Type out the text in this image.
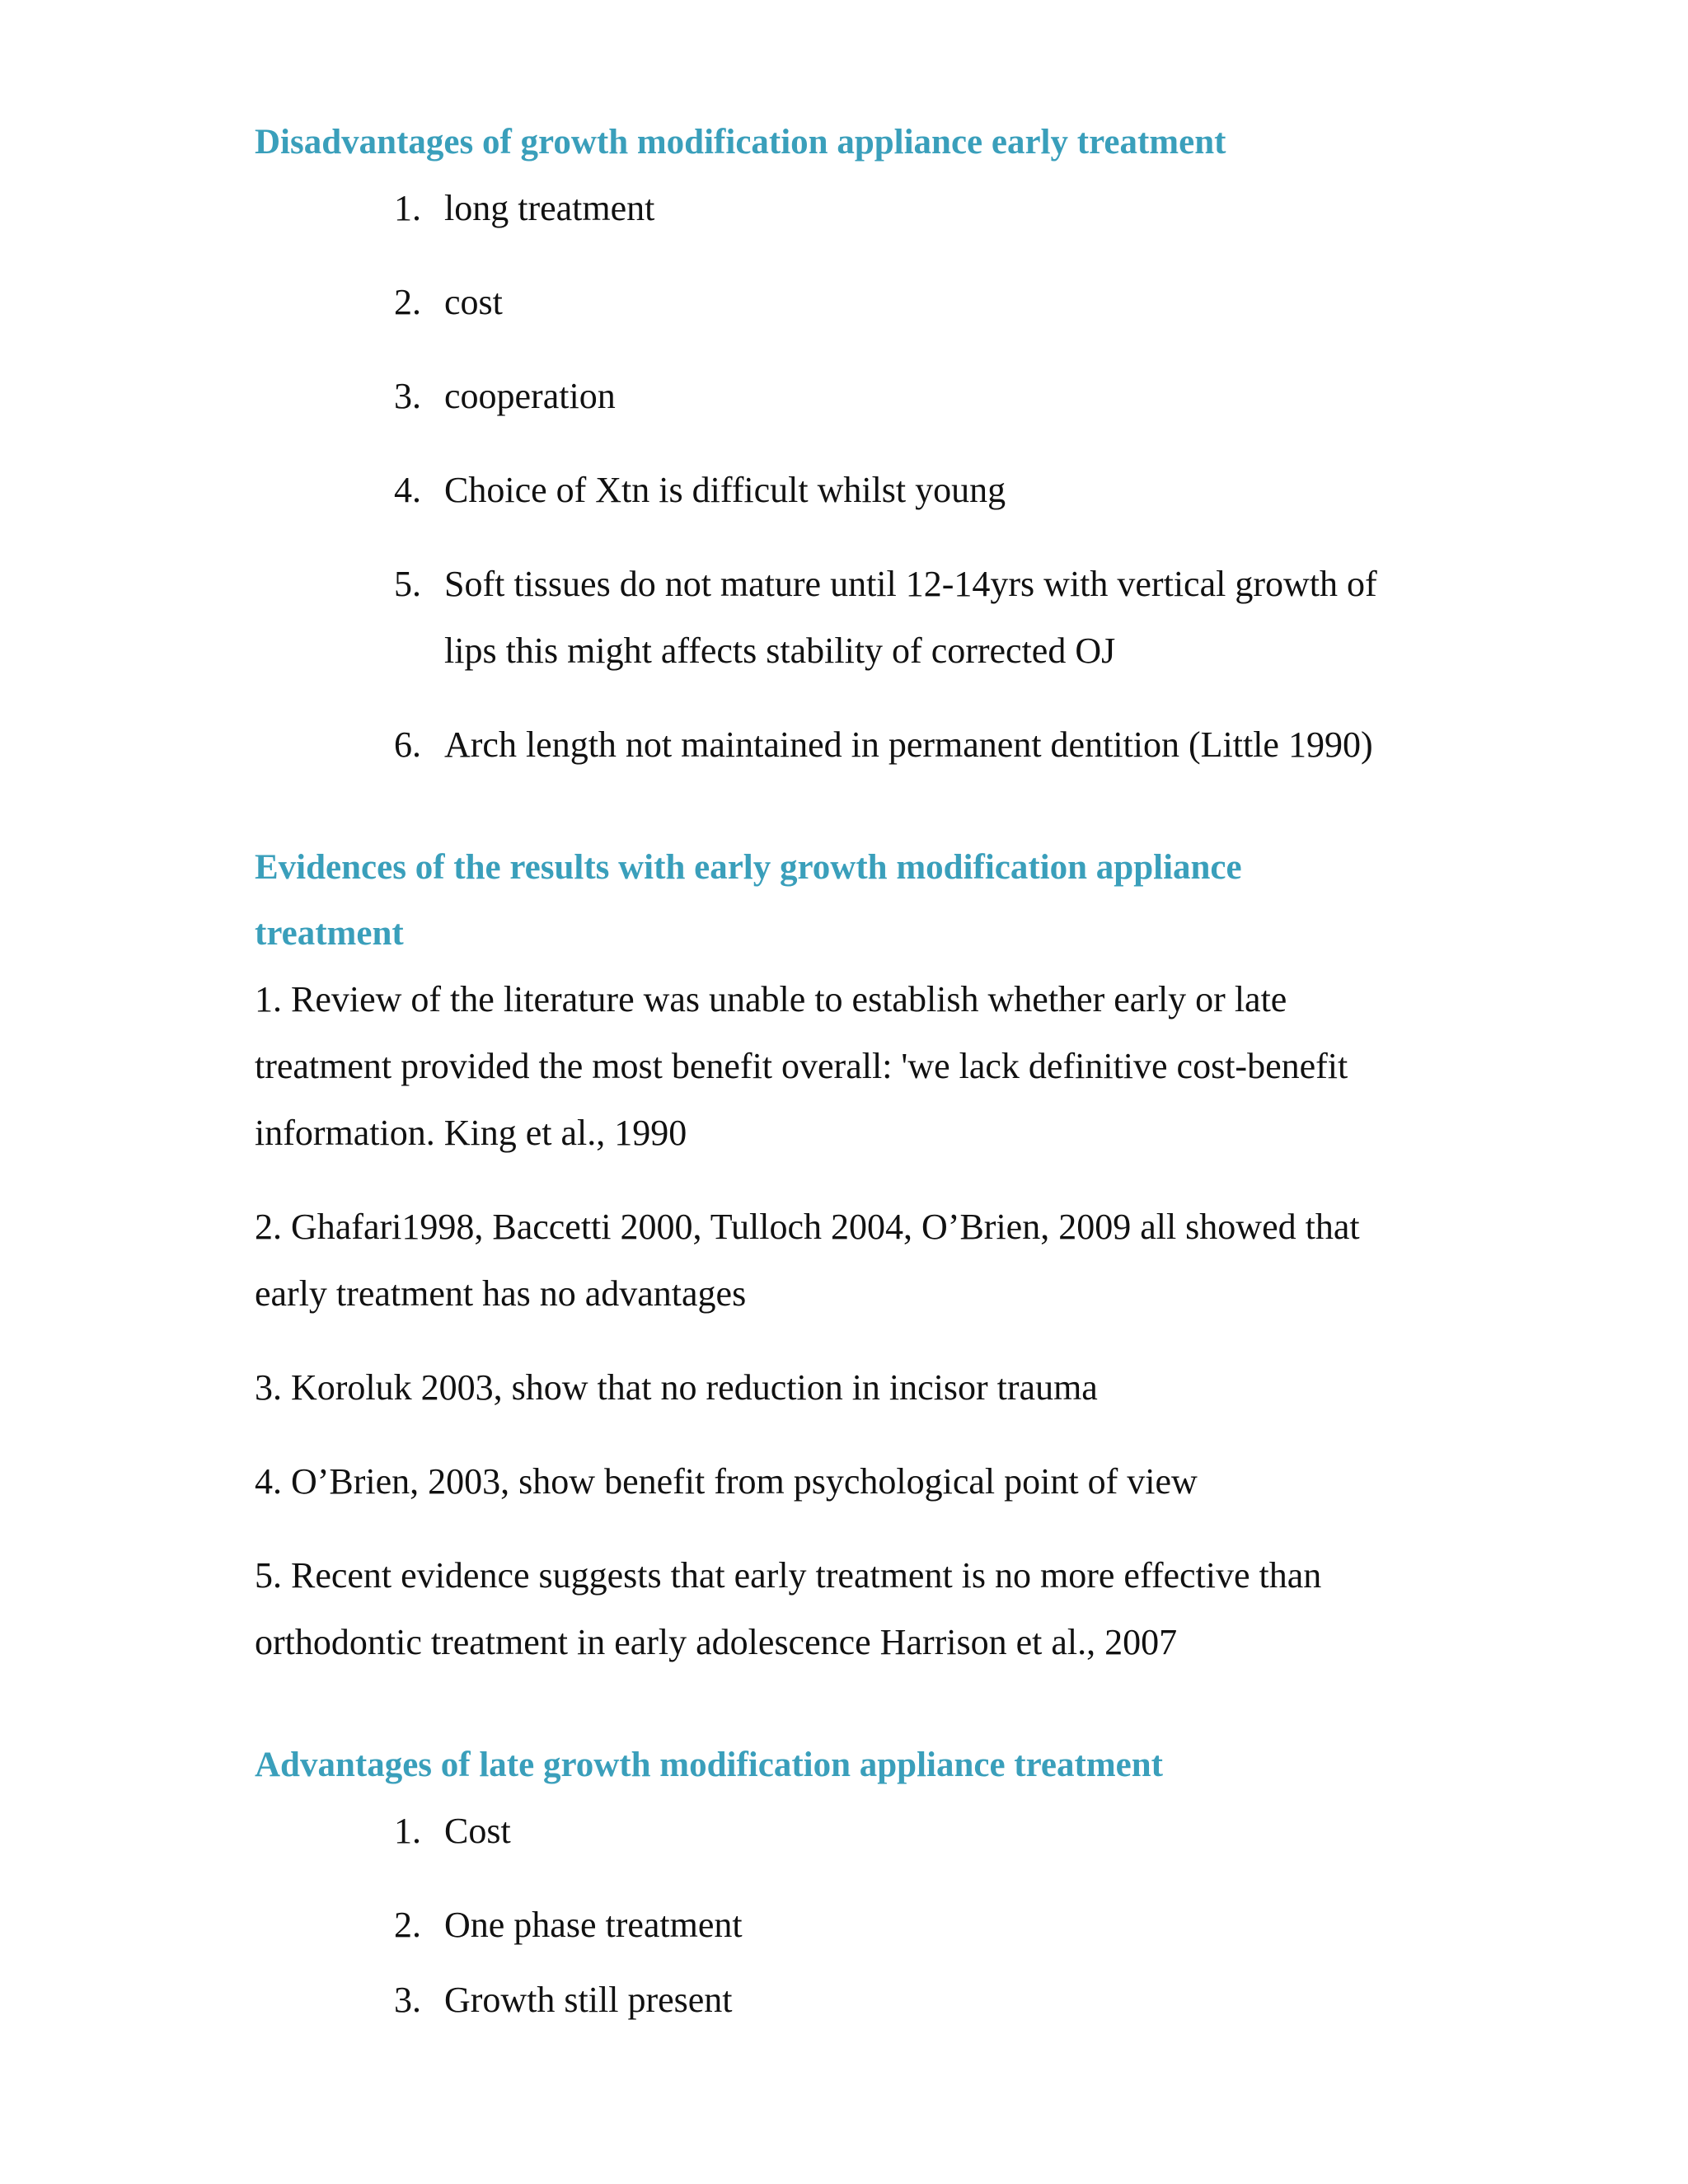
Disadvantages of growth modification appliance early treatment
1. long treatment
2. cost
3. cooperation
4. Choice of Xtn is difficult whilst young
5. Soft tissues do not mature until 12-14yrs with vertical growth of
lips this might affects stability of corrected OJ
6. Arch length not maintained in permanent dentition (Little 1990)
Evidences of the results with early growth modification appliance
treatment

1. Review of the literature was unable to establish whether early or late

treatment provided the most benefit overall: 'we lack definitive cost-benefit

information. King et al., 1990

2. Ghafari1998, Baccetti 2000, Tulloch 2004, O’Brien, 2009 all showed that

early treatment has no advantages

3. Koroluk 2003, show that no reduction in incisor trauma

4. O’Brien, 2003, show benefit from psychological point of view

5. Recent evidence suggests that early treatment is no more effective than

orthodontic treatment in early adolescence Harrison et al., 2007

Advantages of late growth modification appliance treatment
1. Cost
2. One phase treatment
3. Growth still present
